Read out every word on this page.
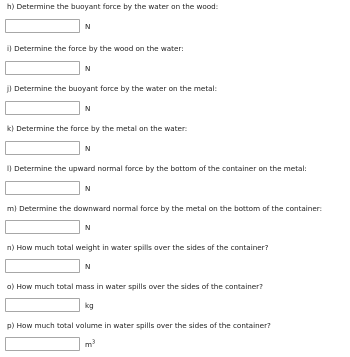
h) Determine the buoyant force by the water on the wood:

N

i) Determine the force by the wood on the water:

N

j) Determine the buoyant force by the water on the metal:

N

k) Determine the force by the metal on the water:

N

l) Determine the upward normal force by the bottom of the container on the metal:

N

m) Determine the downward normal force by the metal on the bottom of the container:

N

n) How much total weight in water spills over the sides of the container?

N

o) How much total mass in water spills over the sides of the container?

kg

p) How much total volume in water spills over the sides of the container?

$m^3$
